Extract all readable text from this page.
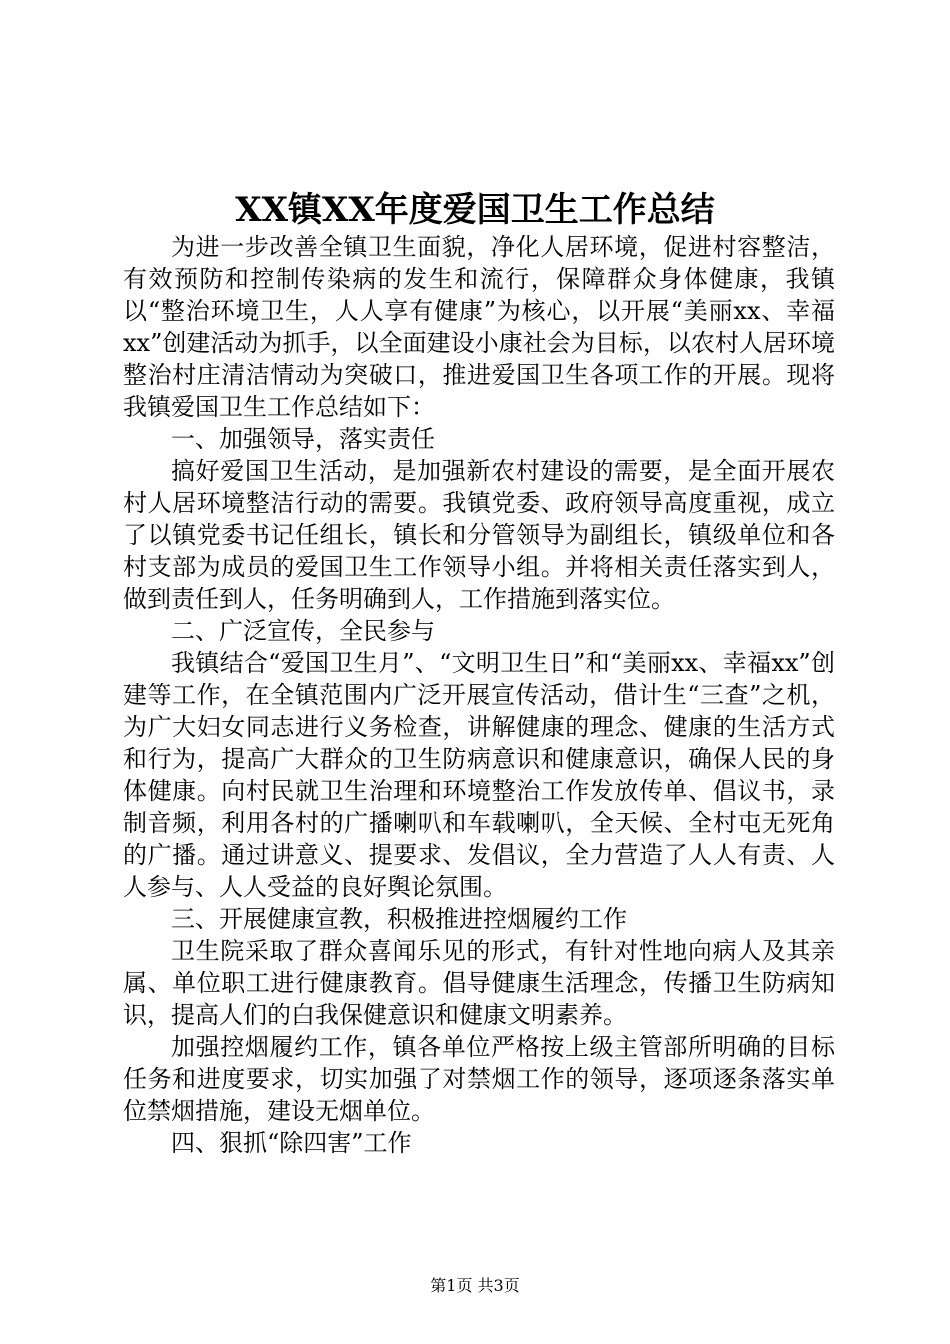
XX镇XX年度爱国卫生工作总结

为进一步改善全镇卫生面貌，净化人居环境，促进村容整洁，有效预防和控制传染病的发生和流行，保障群众身体健康，我镇以“整治环境卫生，人人享有健康”为核心，以开展“美丽xx、幸福xx”创建活动为抓手，以全面建设小康社会为目标，以农村人居环境整治村庄清洁情动为突破口，推进爱国卫生各项工作的开展。现将我镇爱国卫生工作总结如下：

一、加强领导，落实责任

搞好爱国卫生活动，是加强新农村建设的需要，是全面开展农村人居环境整洁行动的需要。我镇党委、政府领导高度重视，成立了以镇党委书记任组长，镇长和分管领导为副组长，镇级单位和各村支部为成员的爱国卫生工作领导小组。并将相关责任落实到人，做到责任到人，任务明确到人，工作措施到落实位。

二、广泛宣传，全民参与

我镇结合“爱国卫生月”、“文明卫生日”和“美丽xx、幸福xx”创建等工作，在全镇范围内广泛开展宣传活动，借计生“三查”之机，为广大妇女同志进行义务检查，讲解健康的理念、健康的生活方式和行为，提高广大群众的卫生防病意识和健康意识，确保人民的身体健康。向村民就卫生治理和环境整治工作发放传单、倡议书，录制音频，利用各村的广播喇叭和车载喇叭，全天候、全村屯无死角的广播。通过讲意义、提要求、发倡议，全力营造了人人有责、人人参与、人人受益的良好舆论氛围。

三、开展健康宣教，积极推进控烟履约工作

卫生院采取了群众喜闻乐见的形式，有针对性地向病人及其亲属、单位职工进行健康教育。倡导健康生活理念，传播卫生防病知识，提高人们的白我保健意识和健康文明素养。

加强控烟履约工作，镇各单位严格按上级主管部所明确的目标任务和进度要求，切实加强了对禁烟工作的领导，逐项逐条落实单位禁烟措施，建设无烟单位。

四、狠抓“除四害”工作

第1页 共3页
